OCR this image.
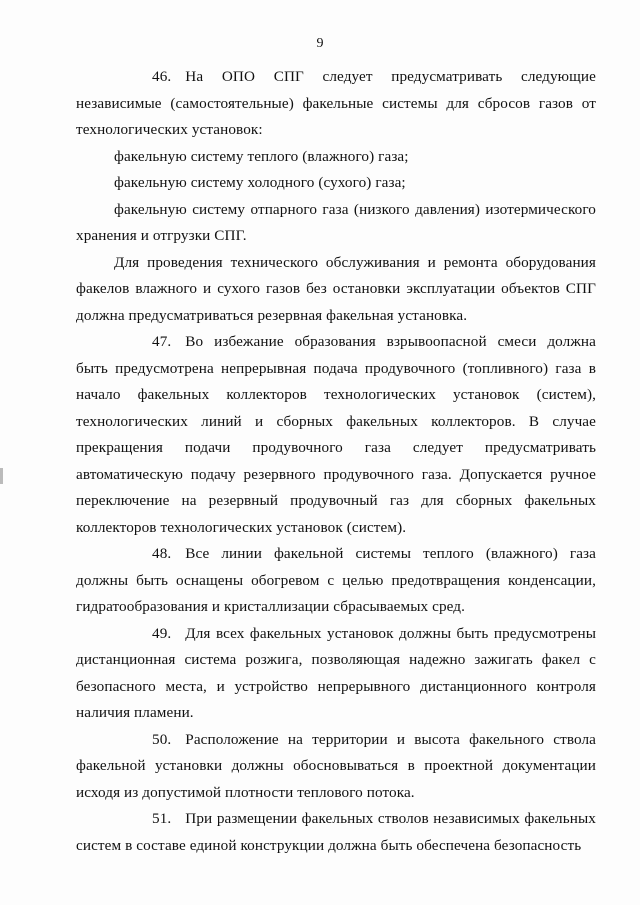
9

46. На ОПО СПГ следует предусматривать следующие независимые (самостоятельные) факельные системы для сбросов газов от технологических установок:

факельную систему теплого (влажного) газа;

факельную систему холодного (сухого) газа;

факельную систему отпарного газа (низкого давления) изотермического хранения и отгрузки СПГ.

Для проведения технического обслуживания и ремонта оборудования факелов влажного и сухого газов без остановки эксплуатации объектов СПГ должна предусматриваться резервная факельная установка.

47. Во избежание образования взрывоопасной смеси должна быть предусмотрена непрерывная подача продувочного (топливного) газа в начало факельных коллекторов технологических установок (систем), технологических линий и сборных факельных коллекторов. В случае прекращения подачи продувочного газа следует предусматривать автоматическую подачу резервного продувочного газа. Допускается ручное переключение на резервный продувочный газ для сборных факельных коллекторов технологических установок (систем).

48. Все линии факельной системы теплого (влажного) газа должны быть оснащены обогревом с целью предотвращения конденсации, гидратообразования и кристаллизации сбрасываемых сред.

49. Для всех факельных установок должны быть предусмотрены дистанционная система розжига, позволяющая надежно зажигать факел с безопасного места, и устройство непрерывного дистанционного контроля наличия пламени.

50. Расположение на территории и высота факельного ствола факельной установки должны обосновываться в проектной документации исходя из допустимой плотности теплового потока.

51. При размещении факельных стволов независимых факельных систем в составе единой конструкции должна быть обеспечена безопасность
